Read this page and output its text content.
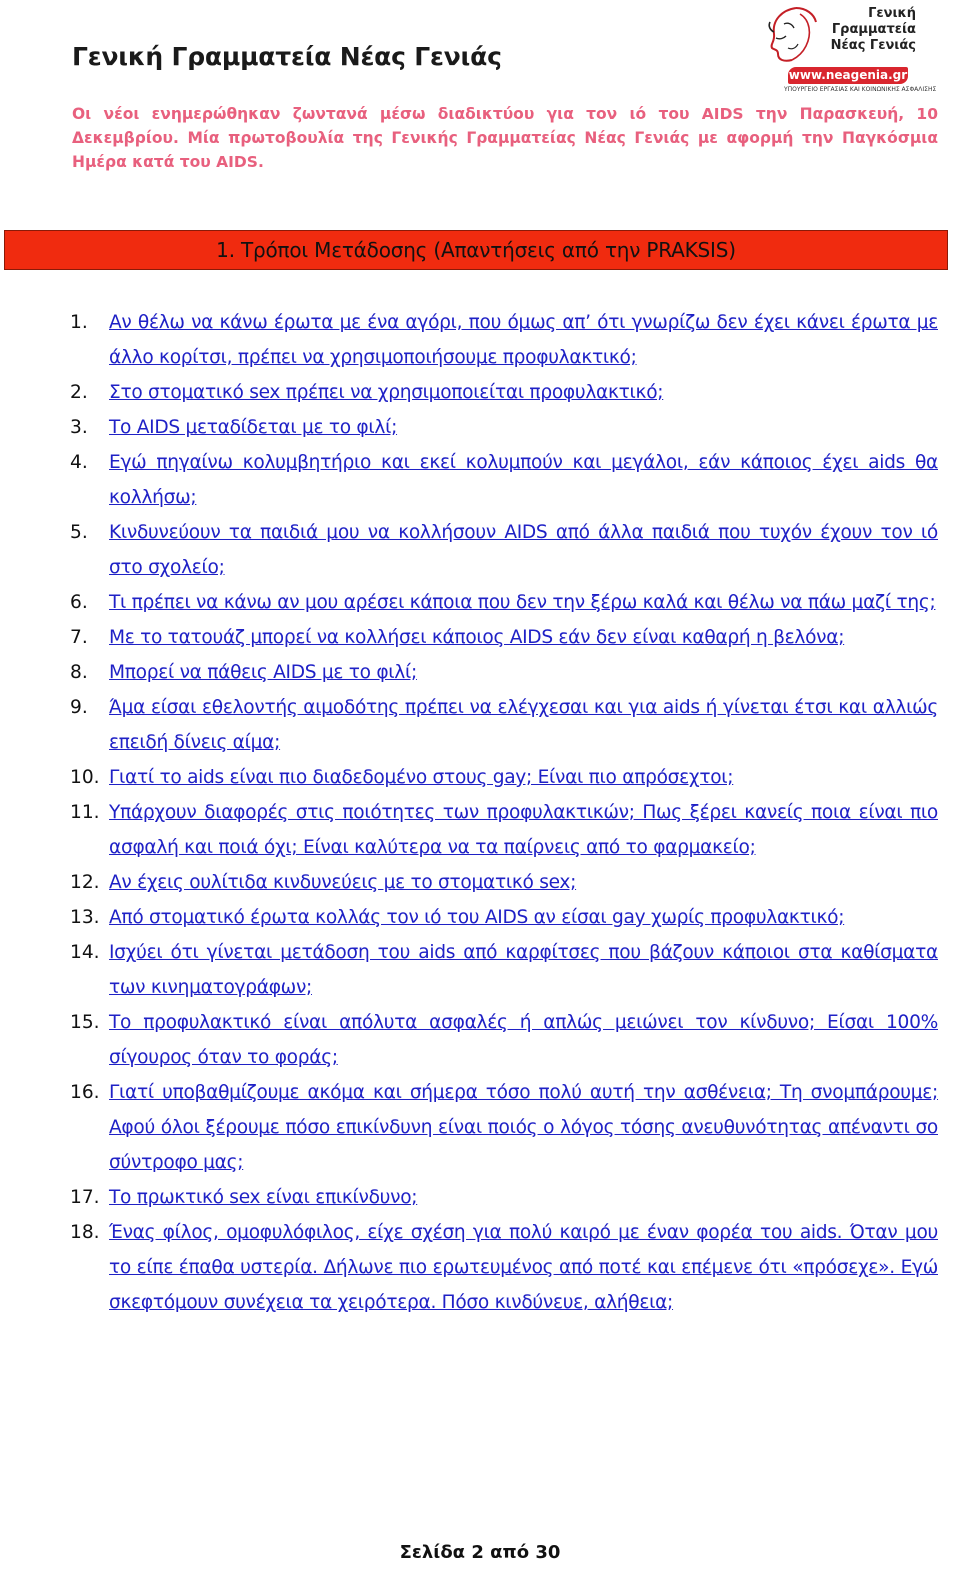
Γενική Γραμματεία Νέας Γενιάς
Γενική
Γραμματεία
Νέας Γενιάς
www.neagenia.gr
ΥΠΟΥΡΓΕΙΟ ΕΡΓΑΣΙΑΣ ΚΑΙ ΚΟΙΝΩΝΙΚΗΣ ΑΣΦΑΛΙΣΗΣ

Οι νέοι ενημερώθηκαν ζωντανά μέσω διαδικτύου για τον ιό του AIDS την Παρασκευή, 10 Δεκεμβρίου. Μία πρωτοβουλία της Γενικής Γραμματείας Νέας Γενιάς με αφορμή την Παγκόσμια Ημέρα κατά του AIDS.

1. Τρόποι Μετάδοσης (Απαντήσεις από την PRAKSIS)
1.	Αν θέλω να κάνω έρωτα με ένα αγόρι, που όμως απ’ ότι γνωρίζω δεν έχει κάνει έρωτα με άλλο κορίτσι, πρέπει να χρησιμοποιήσουμε προφυλακτικό;
2.	Στο στοματικό sex πρέπει να χρησιμοποιείται προφυλακτικό;
3.	Το AIDS μεταδίδεται με το φιλί;
4.	Εγώ πηγαίνω κολυμβητήριο και εκεί κολυμπούν και μεγάλοι, εάν κάποιος έχει aids θα κολλήσω;
5.	Κινδυνεύουν τα παιδιά μου να κολλήσουν AIDS από άλλα παιδιά που τυχόν έχουν τον ιό στο σχολείο;
6.	Τι πρέπει να κάνω αν μου αρέσει κάποια που δεν την ξέρω καλά και θέλω να πάω μαζί της;
7.	Με το τατουάζ μπορεί να κολλήσει κάποιος AIDS εάν δεν είναι καθαρή η βελόνα;
8.	Μπορεί να πάθεις AIDS με το φιλί;
9.	Άμα είσαι εθελοντής αιμοδότης πρέπει να ελέγχεσαι και για aids ή γίνεται έτσι και αλλιώς επειδή δίνεις αίμα;
10. Γιατί το aids είναι πιο διαδεδομένο στους gay; Είναι πιο απρόσεχτοι;
11. Υπάρχουν διαφορές στις ποιότητες των προφυλακτικών; Πως ξέρει κανείς ποια είναι πιο ασφαλή και ποιά όχι; Είναι καλύτερα να τα παίρνεις από το φαρμακείο;
12. Αν έχεις ουλίτιδα κινδυνεύεις με το στοματικό sex;
13. Από στοματικό έρωτα κολλάς τον ιό του AIDS αν είσαι gay χωρίς προφυλακτικό;
14. Ισχύει ότι γίνεται μετάδοση του aids από καρφίτσες που βάζουν κάποιοι στα καθίσματα των κινηματογράφων;
15. Το προφυλακτικό είναι απόλυτα ασφαλές ή απλώς μειώνει τον κίνδυνο; Είσαι 100% σίγουρος όταν το φοράς;
16. Γιατί υποβαθμίζουμε ακόμα και σήμερα τόσο πολύ αυτή την ασθένεια; Τη σνομπάρουμε; Αφού όλοι ξέρουμε πόσο επικίνδυνη είναι ποιός ο λόγος τόσης ανευθυνότητας απέναντι σο σύντροφο μας;
17. Το πρωκτικό sex είναι επικίνδυνο;
18. Ένας φίλος, ομοφυλόφιλος, είχε σχέση για πολύ καιρό με έναν φορέα του aids. Όταν μου το είπε έπαθα υστερία. Δήλωνε πιο ερωτευμένος από ποτέ και επέμενε ότι «πρόσεχε». Εγώ σκεφτόμουν συνέχεια τα χειρότερα. Πόσο κινδύνευε, αλήθεια;
Σελίδα 2 από 30
